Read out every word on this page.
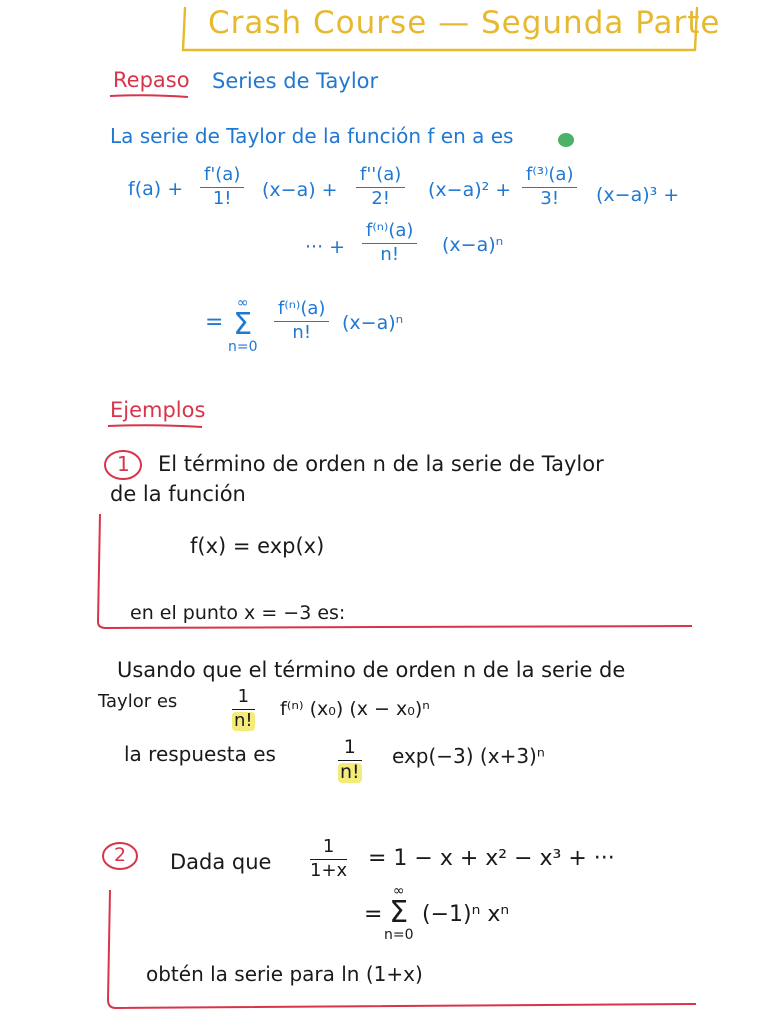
Crash Course — Segunda Parte
Repaso Series de Taylor
La serie de Taylor de la función f en a es
f(a) +
f'(a)
1! (x−a) +
f''(a)
2! (x−a)² +
f⁽³⁾(a)
3! (x−a)³ +
··· +
f⁽ⁿ⁾(a)
n! (x−a)ⁿ
=
∞
Σ
n=0
f⁽ⁿ⁾(a)
n! (x−a)ⁿ
Ejemplos
1 El término de orden n de la serie de Taylor
de la función
f(x) = exp(x)
en el punto x = −3 es:
Usando que el término de orden n de la serie de
Taylor es	1
n!
f⁽ⁿ⁾ (x₀) (x − x₀)ⁿ
la respuesta es	1
n!
exp(−3) (x+3)ⁿ
2 Dada que
1
1+x = 1 − x + x² − x³ + ···
=
∞
Σ
n=0
(−1)ⁿ xⁿ
obtén la serie para ln (1+x)
